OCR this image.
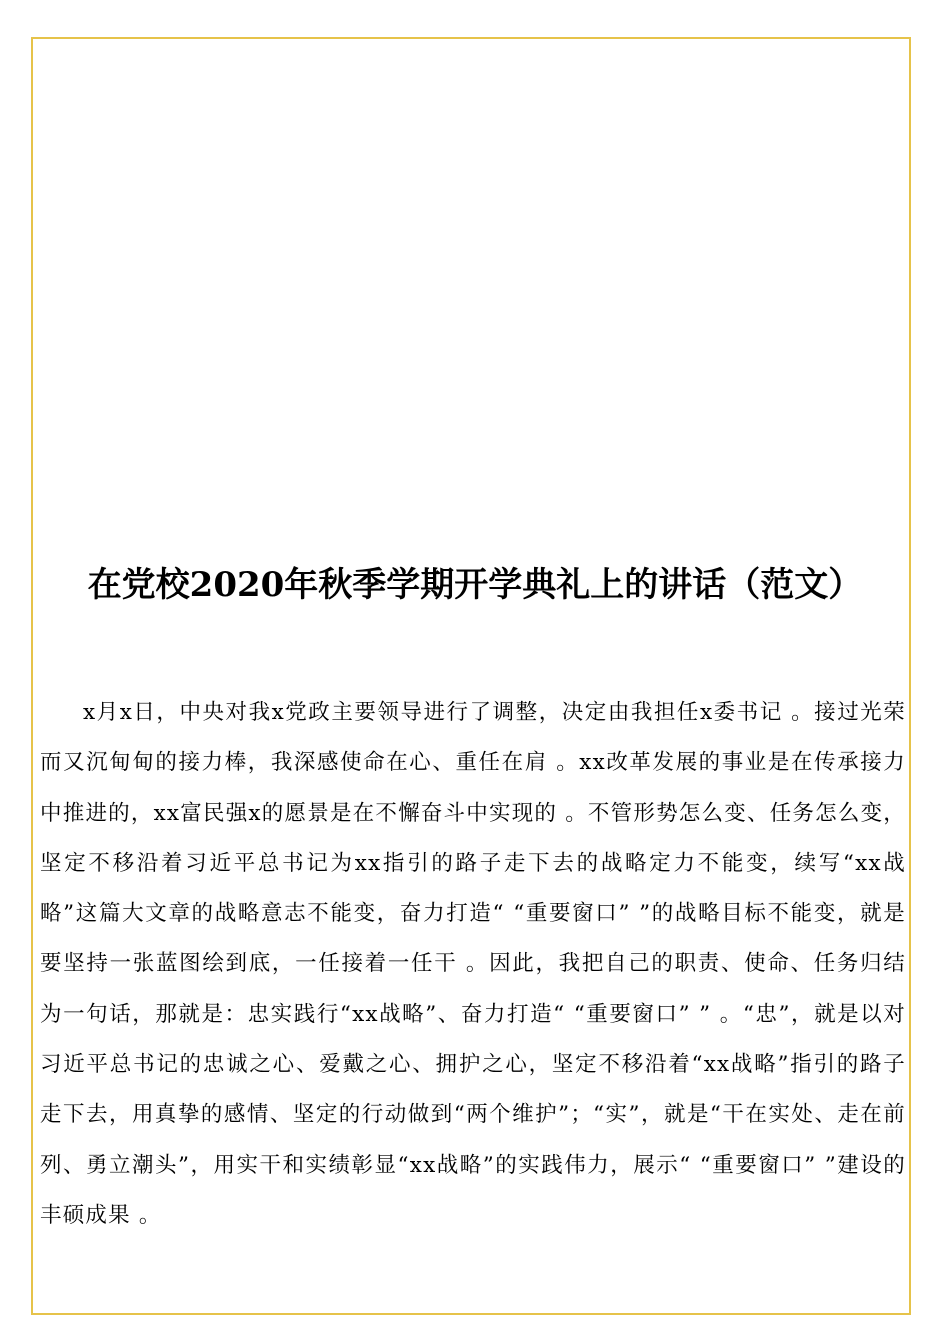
在党校2020年秋季学期开学典礼上的讲话（范文）

x月x日，中央对我x党政主要领导进行了调整，决定由我担任x委书记 。接过光荣而又沉甸甸的接力棒，我深感使命在心、重任在肩 。xx改革发展的事业是在传承接力中推进的，xx富民强x的愿景是在不懈奋斗中实现的 。不管形势怎么变、任务怎么变，坚定不移沿着习近平总书记为xx指引的路子走下去的战略定力不能变，续写“xx战略”这篇大文章的战略意志不能变，奋力打造“ “重要窗口” ”的战略目标不能变，就是要坚持一张蓝图绘到底，一任接着一任干 。因此，我把自己的职责、使命、任务归结为一句话，那就是：忠实践行“xx战略”、奋力打造“ “重要窗口” ” 。“忠”，就是以对习近平总书记的忠诚之心、爱戴之心、拥护之心，坚定不移沿着“xx战略”指引的路子走下去，用真挚的感情、坚定的行动做到“两个维护”；“实”，就是“干在实处、走在前列、勇立潮头”，用实干和实绩彰显“xx战略”的实践伟力，展示“ “重要窗口” ”建设的丰硕成果 。
